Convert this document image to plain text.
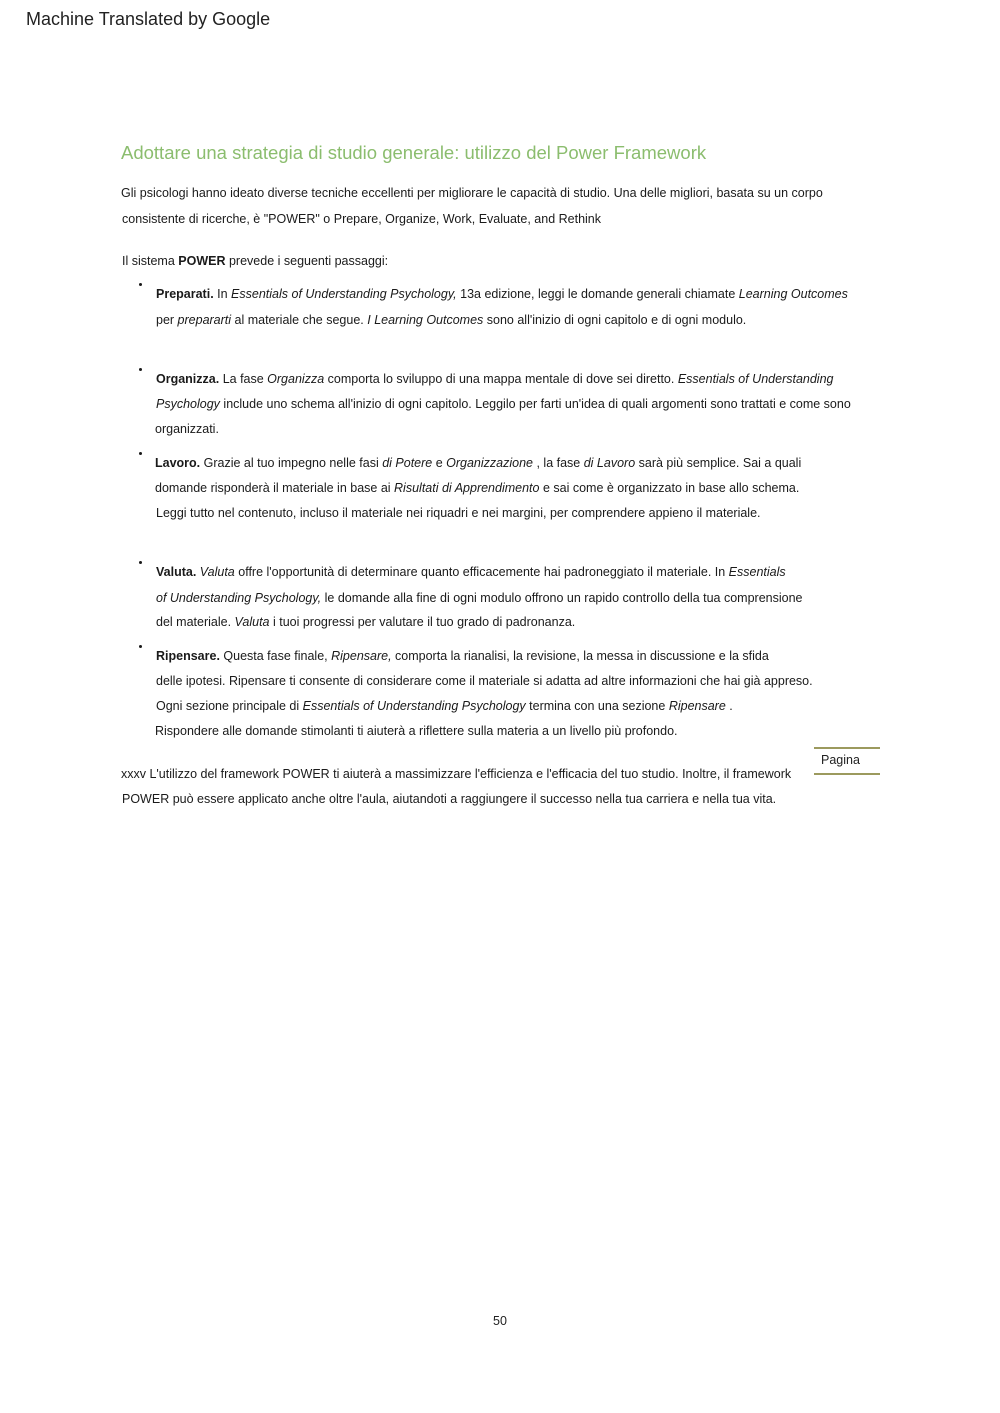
Machine Translated by Google
Adottare una strategia di studio generale: utilizzo del Power Framework
Gli psicologi hanno ideato diverse tecniche eccellenti per migliorare le capacità di studio. Una delle migliori, basata su un corpo
consistente di ricerche, è "POWER" o Prepare, Organize, Work, Evaluate, and Rethink
Il sistema POWER prevede i seguenti passaggi:
Preparati. In Essentials of Understanding Psychology, 13a edizione, leggi le domande generali chiamate Learning Outcomes
per prepararti al materiale che segue. I Learning Outcomes sono all'inizio di ogni capitolo e di ogni modulo.
Organizza. La fase Organizza comporta lo sviluppo di una mappa mentale di dove sei diretto. Essentials of Understanding
Psychology include uno schema all'inizio di ogni capitolo. Leggilo per farti un'idea di quali argomenti sono trattati e come sono
organizzati.
Lavoro. Grazie al tuo impegno nelle fasi di Potere e Organizzazione , la fase di Lavoro sarà più semplice. Sai a quali
domande risponderà il materiale in base ai Risultati di Apprendimento e sai come è organizzato in base allo schema.
Leggi tutto nel contenuto, incluso il materiale nei riquadri e nei margini, per comprendere appieno il materiale.
Valuta. Valuta offre l'opportunità di determinare quanto efficacemente hai padroneggiato il materiale. In Essentials
of Understanding Psychology, le domande alla fine di ogni modulo offrono un rapido controllo della tua comprensione
del materiale. Valuta i tuoi progressi per valutare il tuo grado di padronanza.
Ripensare. Questa fase finale, Ripensare, comporta la rianalisi, la revisione, la messa in discussione e la sfida
delle ipotesi. Ripensare ti consente di considerare come il materiale si adatta ad altre informazioni che hai già appreso.
Ogni sezione principale di Essentials of Understanding Psychology termina con una sezione Ripensare .
Rispondere alle domande stimolanti ti aiuterà a riflettere sulla materia a un livello più profondo.
Pagina
xxxv L'utilizzo del framework POWER ti aiuterà a massimizzare l'efficienza e l'efficacia del tuo studio. Inoltre, il framework
POWER può essere applicato anche oltre l'aula, aiutandoti a raggiungere il successo nella tua carriera e nella tua vita.
50
